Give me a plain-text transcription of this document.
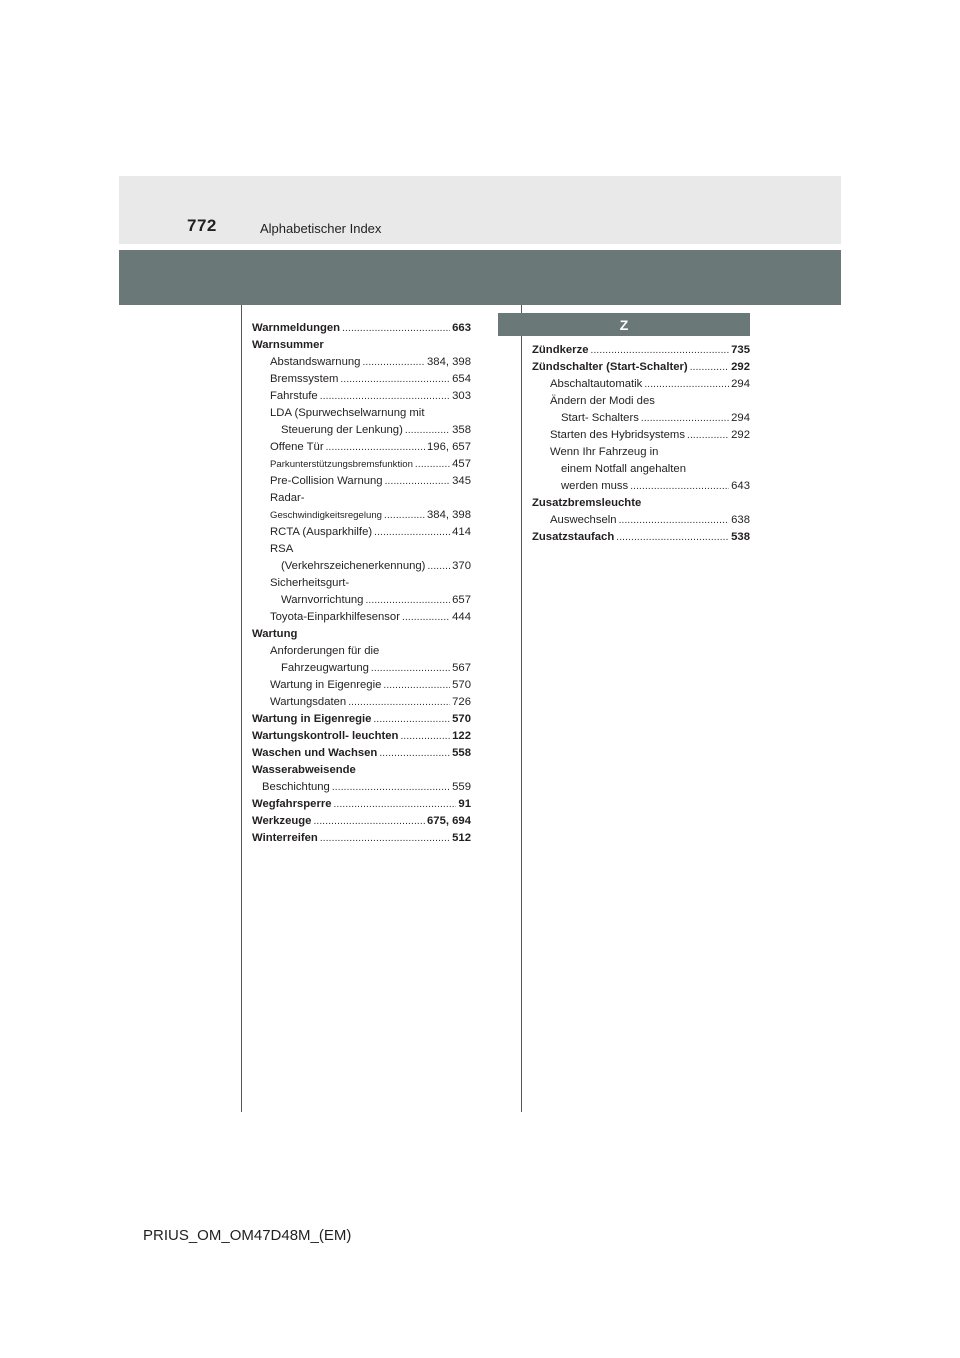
772	Alphabetischer Index
Z
Warnmeldungen . . .	663
Warnsummer
Abstandswarnung . . .	384, 398
Bremssystem . . .	654
Fahrstufe . . .	303
LDA (Spurwechselwarnung mit
Steuerung der Lenkung) . . .	358
Offene Tür . . .	196, 657
Parkunterstützungsbremsfunktion . . .	457
Pre-Collision Warnung . . .	345
Radar-
Geschwindigkeitsregelung . . .	384, 398
RCTA (Ausparkhilfe) . . .	414
RSA
(Verkehrszeichenerkennung) . . . 370
Sicherheitsgurt-
Warnvorrichtung . . .	657
Toyota-Einparkhilfesensor . . .	444
Wartung
Anforderungen für die
Fahrzeugwartung . . .	567
Wartung in Eigenregie . . .	570
Wartungsdaten . . .	726
Wartung in Eigenregie . . .	570
Wartungskontroll- leuchten . . .	122
Waschen und Wachsen . . .	558
Wasserabweisende
Beschichtung . . .	559
Wegfahrsperre . . .	91
Werkzeuge . . .	675, 694
Winterreifen . . .	512
Zündkerze . . .	735
Zündschalter (Start-Schalter) . . .	292
Abschaltautomatik . . .	294
Ändern der Modi des
Start- Schalters . . .	294
Starten des Hybridsystems . . .	292
Wenn Ihr Fahrzeug in
einem Notfall angehalten
werden muss . . .	643
Zusatzbremsleuchte
Auswechseln . . .	638
Zusatzstaufach . . .	538
PRIUS_OM_OM47D48M_(EM)
